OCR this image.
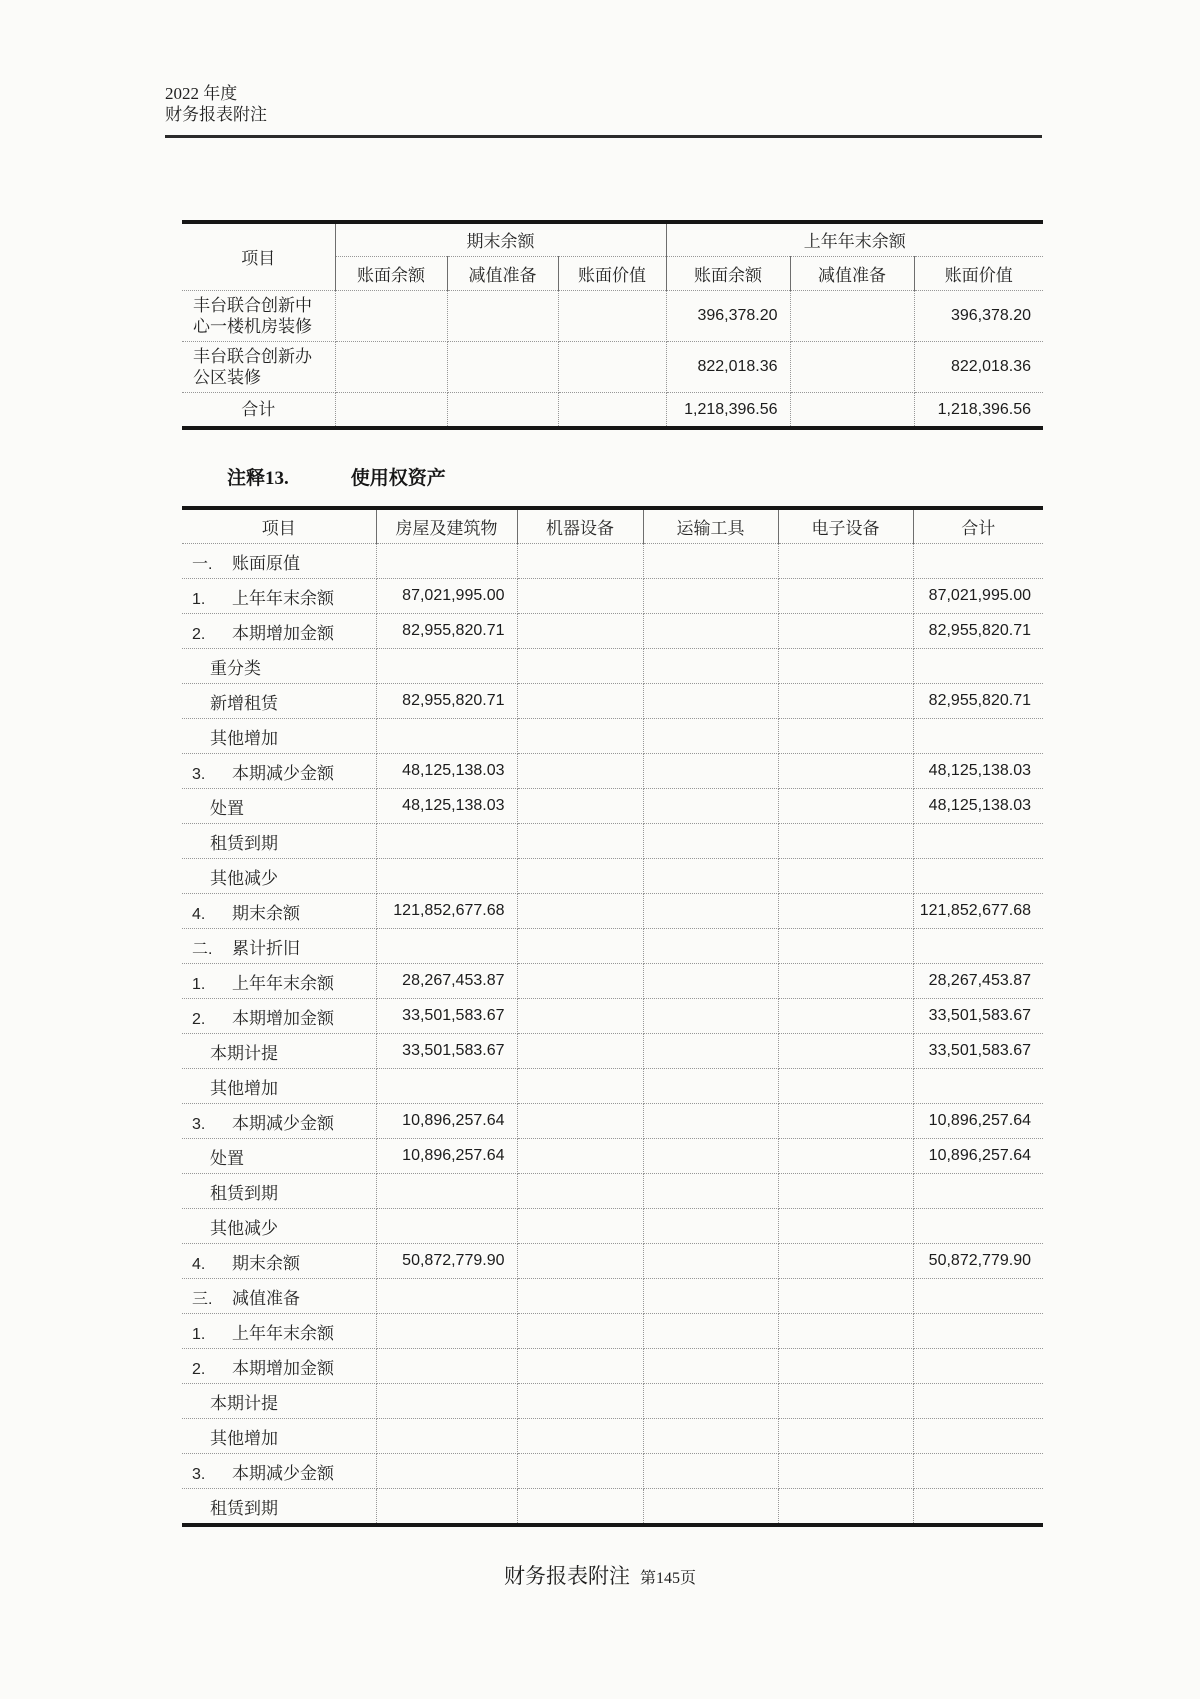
2022 年度
财务报表附注
项目	期末余额			上年年末余额		
	账面余额	减值准备	账面价值	账面余额	减值准备	账面价值
丰台联合创新中心一楼机房装修				396,378.20		396,378.20
丰台联合创新办公区装修				822,018.36		822,018.36
合计				1,218,396.56		1,218,396.56
注释13.	使用权资产
项目	房屋及建筑物	机器设备	运输工具	电子设备	合计
一. 账面原值					
1. 上年年末余额	87,021,995.00				87,021,995.00
2. 本期增加金额	82,955,820.71				82,955,820.71
重分类					
新增租赁	82,955,820.71				82,955,820.71
其他增加					
3. 本期减少金额	48,125,138.03				48,125,138.03
处置	48,125,138.03				48,125,138.03
租赁到期					
其他减少					
4. 期末余额	121,852,677.68				121,852,677.68
二. 累计折旧					
1. 上年年末余额	28,267,453.87				28,267,453.87
2. 本期增加金额	33,501,583.67				33,501,583.67
本期计提	33,501,583.67				33,501,583.67
其他增加					
3. 本期减少金额	10,896,257.64				10,896,257.64
处置	10,896,257.64				10,896,257.64
租赁到期					
其他减少					
4. 期末余额	50,872,779.90				50,872,779.90
三. 减值准备					
1. 上年年末余额					
2. 本期增加金额					
本期计提					
其他增加					
3. 本期减少金额					
租赁到期					
财务报表附注 第145页
